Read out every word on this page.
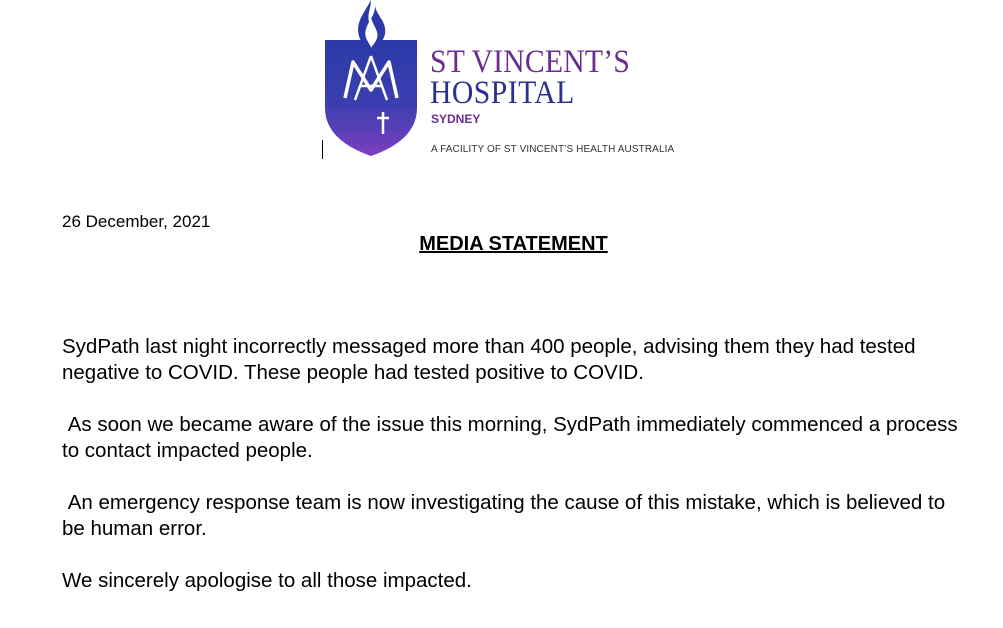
ST VINCENT’S
HOSPITAL
SYDNEY
A FACILITY OF ST VINCENT’S HEALTH AUSTRALIA
26 December, 2021
MEDIA STATEMENT

SydPath last night incorrectly messaged more than 400 people, advising them they had tested negative to COVID. These people had tested positive to COVID.

As soon we became aware of the issue this morning, SydPath immediately commenced a process to contact impacted people.

An emergency response team is now investigating the cause of this mistake, which is believed to be human error.

We sincerely apologise to all those impacted.
